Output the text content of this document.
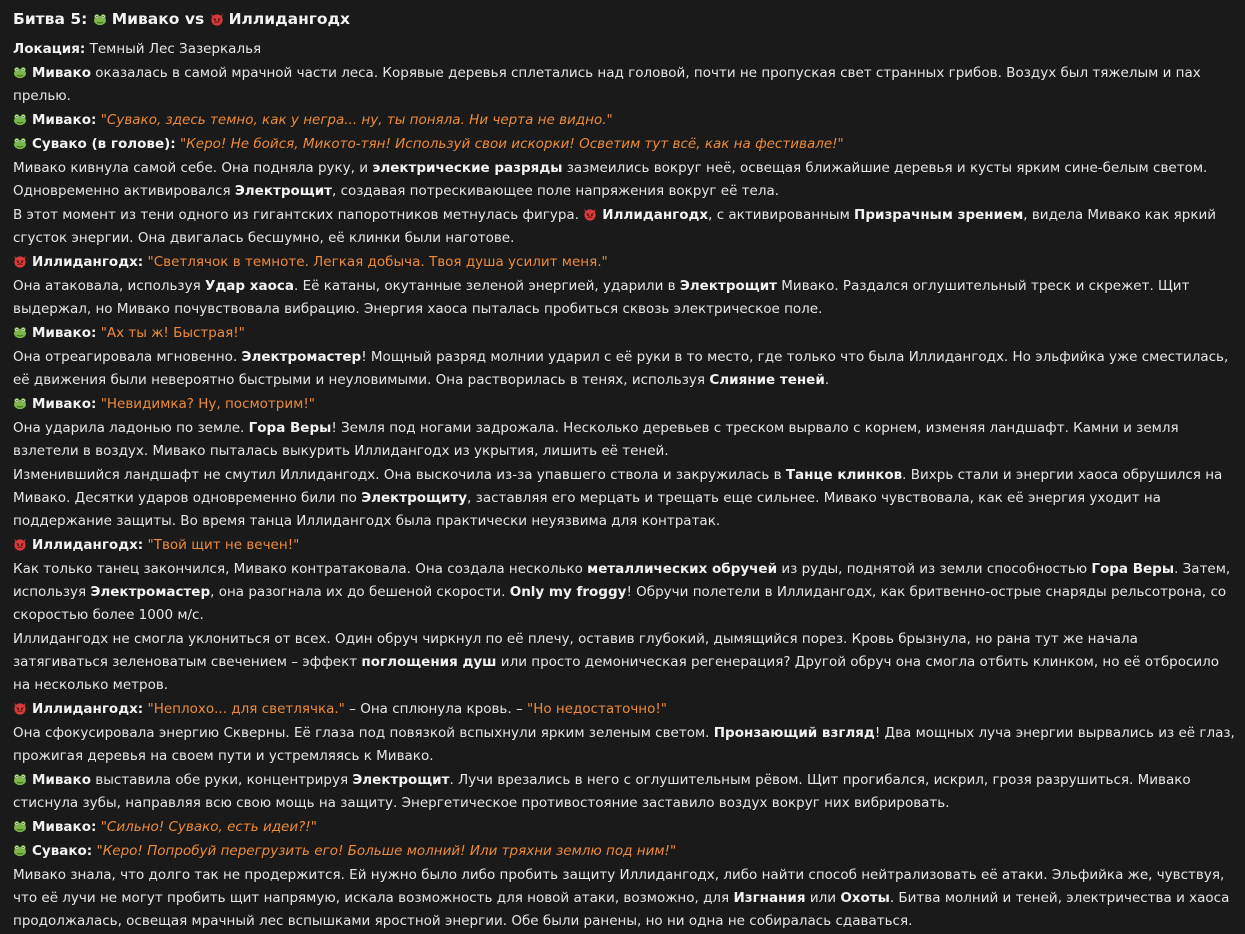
Битва 5:
Мивако vs
Иллидангодх
Локация: Темный Лес Зазеркалья
Мивако оказалась в самой мрачной части леса. Корявые деревья сплетались над головой, почти не пропуская свет странных грибов. Воздух был тяжелым и пах прелью.
Мивако: "Сувако, здесь темно, как у негра... ну, ты поняла. Ни черта не видно."
Сувако (в голове): "Керо! Не бойся, Микото-тян! Используй свои искорки! Осветим тут всё, как на фестивале!"
Мивако кивнула самой себе. Она подняла руку, и электрические разряды зазмеились вокруг неё, освещая ближайшие деревья и кусты ярким сине-белым светом. Одновременно активировался Электрощит, создавая потрескивающее поле напряжения вокруг её тела.
В этот момент из тени одного из гигантских папоротников метнулась фигура.
Иллидангодх, с активированным Призрачным зрением, видела Мивако как яркий сгусток энергии. Она двигалась бесшумно, её клинки были наготове.
Иллидангодх: "Светлячок в темноте. Легкая добыча. Твоя душа усилит меня."
Она атаковала, используя Удар хаоса. Её катаны, окутанные зеленой энергией, ударили в Электрощит Мивако. Раздался оглушительный треск и скрежет. Щит выдержал, но Мивако почувствовала вибрацию. Энергия хаоса пыталась пробиться сквозь электрическое поле.
Мивако: "Ах ты ж! Быстрая!"
Она отреагировала мгновенно. Электромастер! Мощный разряд молнии ударил с её руки в то место, где только что была Иллидангодх. Но эльфийка уже сместилась, её движения были невероятно быстрыми и неуловимыми. Она растворилась в тенях, используя Слияние теней.
Мивако: "Невидимка? Ну, посмотрим!"
Она ударила ладонью по земле. Гора Веры! Земля под ногами задрожала. Несколько деревьев с треском вырвало с корнем, изменяя ландшафт. Камни и земля взлетели в воздух. Мивако пыталась выкурить Иллидангодх из укрытия, лишить её теней.
Изменившийся ландшафт не смутил Иллидангодх. Она выскочила из-за упавшего ствола и закружилась в Танце клинков. Вихрь стали и энергии хаоса обрушился на Мивако. Десятки ударов одновременно били по Электрощиту, заставляя его мерцать и трещать еще сильнее. Мивако чувствовала, как её энергия уходит на поддержание защиты. Во время танца Иллидангодх была практически неуязвима для контратак.
Иллидангодх: "Твой щит не вечен!"
Как только танец закончился, Мивако контратаковала. Она создала несколько металлических обручей из руды, поднятой из земли способностью Гора Веры. Затем, используя Электромастер, она разогнала их до бешеной скорости. Only my froggy! Обручи полетели в Иллидангодх, как бритвенно-острые снаряды рельсотрона, со скоростью более 1000 м/с.
Иллидангодх не смогла уклониться от всех. Один обруч чиркнул по её плечу, оставив глубокий, дымящийся порез. Кровь брызнула, но рана тут же начала затягиваться зеленоватым свечением – эффект поглощения душ или просто демоническая регенерация? Другой обруч она смогла отбить клинком, но её отбросило на несколько метров.
Иллидангодх: "Неплохо... для светлячка." – Она сплюнула кровь. – "Но недостаточно!"
Она сфокусировала энергию Скверны. Её глаза под повязкой вспыхнули ярким зеленым светом. Пронзающий взгляд! Два мощных луча энергии вырвались из её глаз, прожигая деревья на своем пути и устремляясь к Мивако.
Мивако выставила обе руки, концентрируя Электрощит. Лучи врезались в него с оглушительным рёвом. Щит прогибался, искрил, грозя разрушиться. Мивако стиснула зубы, направляя всю свою мощь на защиту. Энергетическое противостояние заставило воздух вокруг них вибрировать.
Мивако: "Сильно! Сувако, есть идеи?!"
Сувако: "Керо! Попробуй перегрузить его! Больше молний! Или тряхни землю под ним!"
Мивако знала, что долго так не продержится. Ей нужно было либо пробить защиту Иллидангодх, либо найти способ нейтрализовать её атаки. Эльфийка же, чувствуя, что её лучи не могут пробить щит напрямую, искала возможность для новой атаки, возможно, для Изгнания или Охоты. Битва молний и теней, электричества и хаоса продолжалась, освещая мрачный лес вспышками яростной энергии. Обе были ранены, но ни одна не собиралась сдаваться.
